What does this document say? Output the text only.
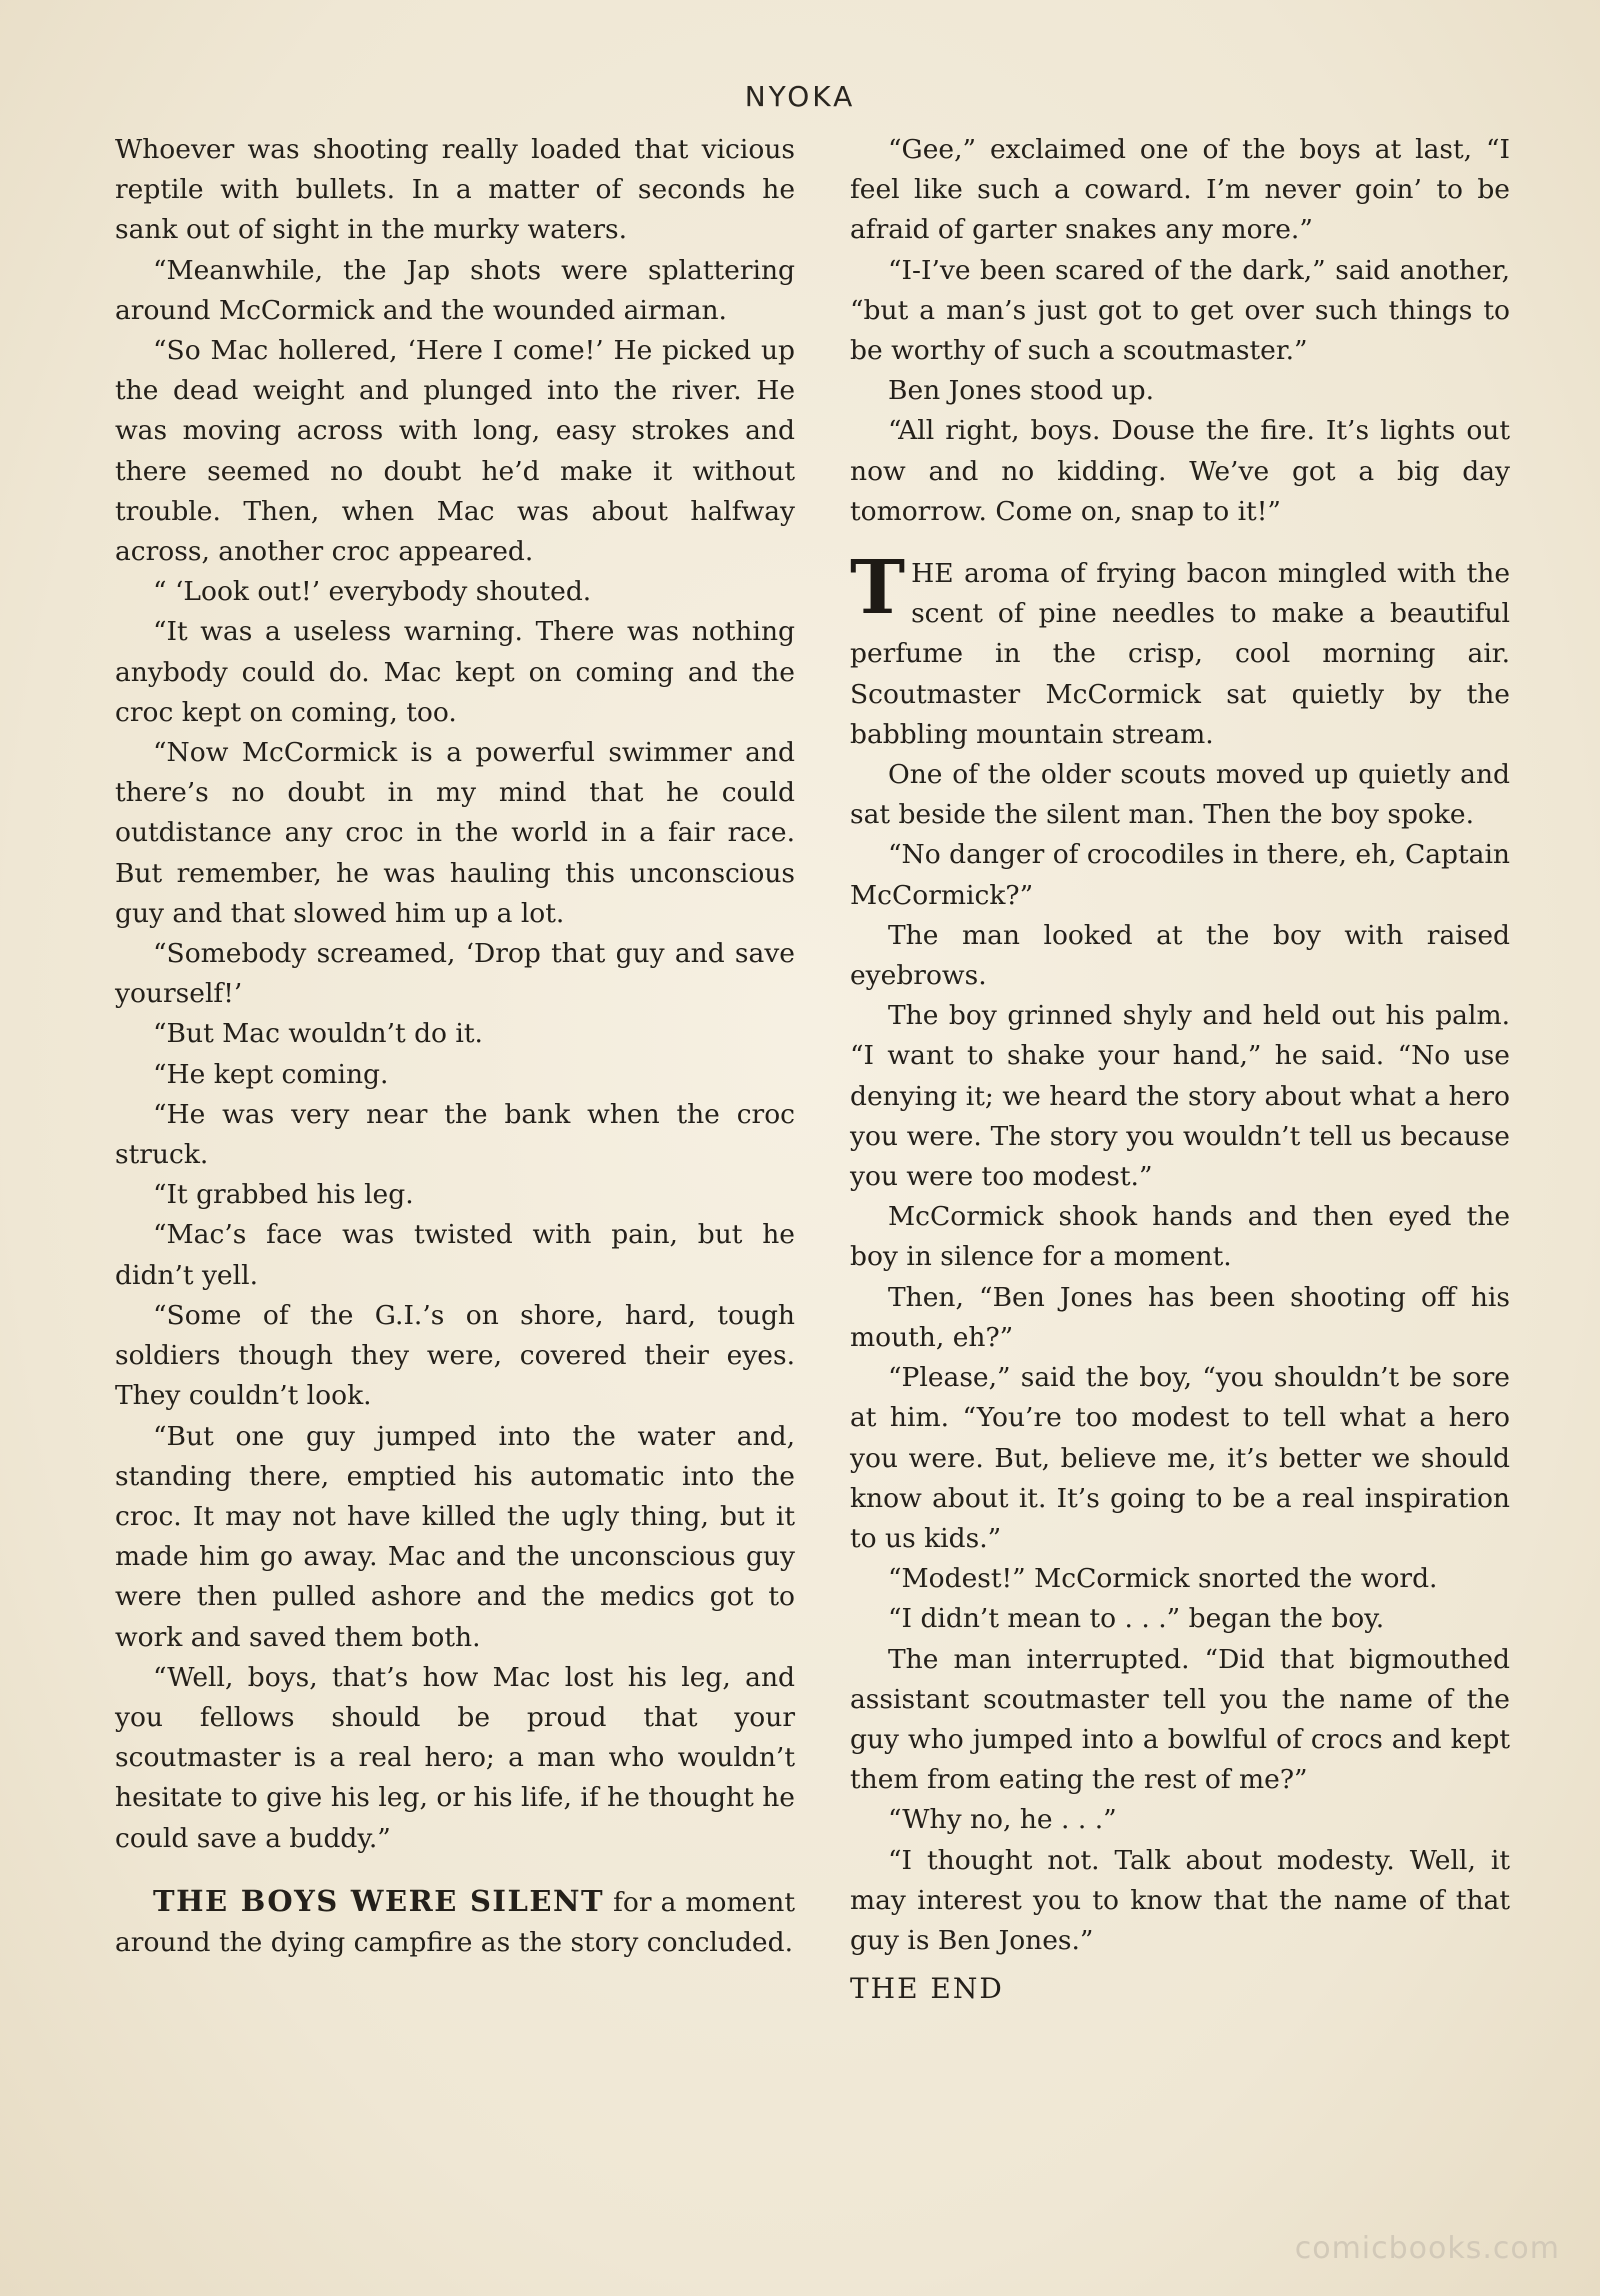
NYOKA

Whoever was shooting really loaded that vicious reptile with bullets. In a matter of seconds he sank out of sight in the murky waters.

“Meanwhile, the Jap shots were splattering around McCormick and the wounded airman.

“So Mac hollered, ‘Here I come!’ He picked up the dead weight and plunged into the river. He was moving across with long, easy strokes and there seemed no doubt he’d make it without trouble. Then, when Mac was about halfway across, another croc appeared.

“ ‘Look out!’ everybody shouted.

“It was a useless warning. There was nothing anybody could do. Mac kept on coming and the croc kept on coming, too.

“Now McCormick is a powerful swimmer and there’s no doubt in my mind that he could outdistance any croc in the world in a fair race. But remember, he was hauling this unconscious guy and that slowed him up a lot.

“Somebody screamed, ‘Drop that guy and save yourself!’

“But Mac wouldn’t do it.

“He kept coming.

“He was very near the bank when the croc struck.

“It grabbed his leg.

“Mac’s face was twisted with pain, but he didn’t yell.

“Some of the G.I.’s on shore, hard, tough soldiers though they were, covered their eyes. They couldn’t look.

“But one guy jumped into the water and, standing there, emptied his automatic into the croc. It may not have killed the ugly thing, but it made him go away. Mac and the unconscious guy were then pulled ashore and the medics got to work and saved them both.

“Well, boys, that’s how Mac lost his leg, and you fellows should be proud that your scoutmaster is a real hero; a man who wouldn’t hesitate to give his leg, or his life, if he thought he could save a buddy.”

THE BOYS WERE SILENT for a moment around the dying campfire as the story concluded.

“Gee,” exclaimed one of the boys at last, “I feel like such a coward. I’m never goin’ to be afraid of garter snakes any more.”

“I-I’ve been scared of the dark,” said another, “but a man’s just got to get over such things to be worthy of such a scoutmaster.”

Ben Jones stood up.

“All right, boys. Douse the fire. It’s lights out now and no kidding. We’ve got a big day tomorrow. Come on, snap to it!”

THE aroma of frying bacon mingled with the scent of pine needles to make a beautiful perfume in the crisp, cool morning air. Scoutmaster McCormick sat quietly by the babbling mountain stream.

One of the older scouts moved up quietly and sat beside the silent man. Then the boy spoke.

“No danger of crocodiles in there, eh, Captain McCormick?”

The man looked at the boy with raised eyebrows.

The boy grinned shyly and held out his palm. “I want to shake your hand,” he said. “No use denying it; we heard the story about what a hero you were. The story you wouldn’t tell us because you were too modest.”

McCormick shook hands and then eyed the boy in silence for a moment.

Then, “Ben Jones has been shooting off his mouth, eh?”

“Please,” said the boy, “you shouldn’t be sore at him. “You’re too modest to tell what a hero you were. But, believe me, it’s better we should know about it. It’s going to be a real inspiration to us kids.”

“Modest!” McCormick snorted the word.

“I didn’t mean to . . .” began the boy.

The man interrupted. “Did that bigmouthed assistant scoutmaster tell you the name of the guy who jumped into a bowlful of crocs and kept them from eating the rest of me?”

“Why no, he . . .”

“I thought not. Talk about modesty. Well, it may interest you to know that the name of that guy is Ben Jones.”

THE END

comicbooks.com
